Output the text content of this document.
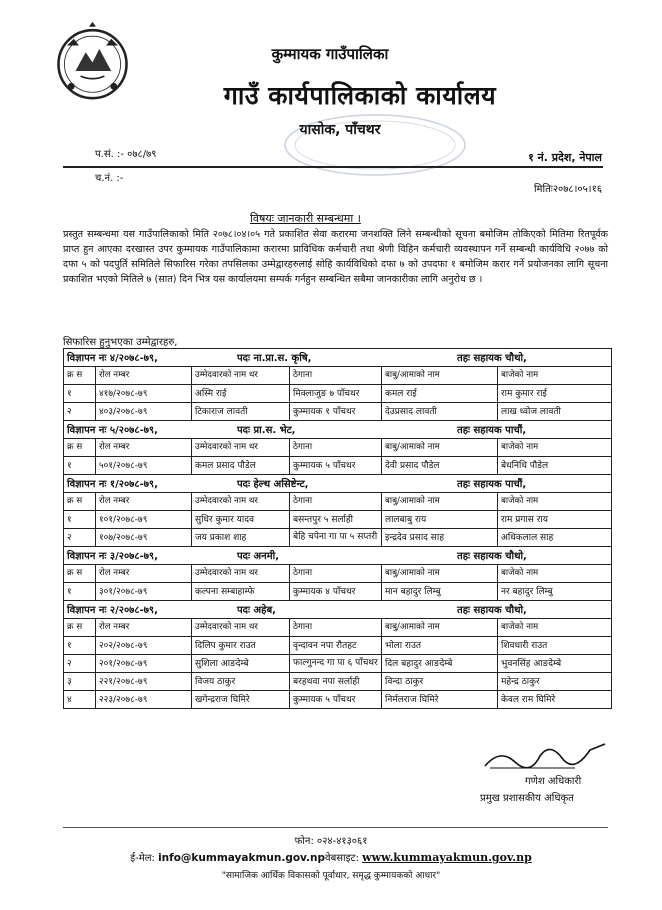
कुम्मायक गाउँपालिका
गाउँ कार्यपालिकाको कार्यालय
यासोक, पाँचथर
प.सं. :- ०७८/७९
च.नं. :-
१ नं. प्रदेश, नेपाल
मितिः२०७८।०५।१६
विषयः जानकारी सम्बन्धमा ।
प्रस्तुत सम्बन्धमा यस गाउँपालिकाको मिति २०७८।०४।०५ गते प्रकाशित सेवा करारमा जनशक्ति लिने सम्बन्धीको सूचना बमोजिम तोकिएको मितिमा रितपूर्वक प्राप्त हुन आएका दरखास्त उपर कुम्मायक गाउँपालिकामा करारमा प्राविधिक कर्मचारी तथा श्रेणी विहिन कर्मचारी व्यवस्थापन गर्ने सम्बन्धी कार्यविधि २०७७ को दफा ५ को पदपुर्ति समितिले सिफारिस गरेका तपसिलका उम्मेद्वारहरुलाई सोहि कार्यविधिको दफा ७ को उपदफा १ बमोजिम करार गर्ने प्रयोजनका लागि सूचना प्रकाशित भएको मितिले ७ (सात) दिन भित्र यस कार्यालयमा सम्पर्क गर्नहुन सम्बन्धित सबैमा जानकारीका लागि अनुरोध छ ।
सिफारिस हुनुभएका उम्मेद्वारहरु,
विज्ञापन नः ४/२०७८-७९, पदः ना.प्रा.स. कृषि, तहः सहायक चौथो,					
क्र स	रोल नम्बर	उम्मेदवारको नाम थर	ठेगाना	बाबु/आमाको नाम	बाजेको नाम
१	४१७/२०७८-७९	अस्मि राई	मिक्लाजुङ ७ पाँचथर	कमल राई	राम कुमार राई
२	४०३/२०७८-७९	टिकाराज लावती	कुम्मायक १ पाँचथर	देउप्रसाद लावती	लाख ध्वोज लावती
विज्ञापन नः ५/२०७८-७९, पदः प्रा.स. भेट, तहः सहायक पाचौं,					
क्र स	रोल नम्बर	उम्मेदवारको नाम थर	ठेगाना	बाबु/आमाको नाम	बाजेको नाम
१	५०१/२०७८-७९	कमल प्रसाद पौडेल	कुम्मायक ५ पाँचथर	देवी प्रसाद पौडेल	बेधनिधि पौडेल
विज्ञापन नः १/२०७८-७९, पदः हेल्थ असिष्टेन्ट, तहः सहायक पाचौं,					
क्र स	रोल नम्बर	उम्मेदवारको नाम थर	ठेगाना	बाबु/आमाको नाम	बाजेको नाम
१	१०१/२०७८-७९	सुधिर कुमार यादव	बसन्तपुर ५ सर्लाही	लालबाबु राय	राम प्रगास राय
२	१०७/२०७८-७९	जय प्रकाश शाह	बेहि चपेना गा पा ५ सप्तरी	इन्द्रदेव प्रसाद साह	अधिकलाल साह
विज्ञापन नः ३/२०७८-७९, पदः अनमी, तहः सहायक चौथो,					
क्र स	रोल नम्बर	उम्मेदवारको नाम थर	ठेगाना	बाबु/आमाको नाम	बाजेको नाम
१	३०१/२०७८-७९	कल्पना सम्बाहाम्फे	कुम्मायक ४ पाँचथर	मान बहादुर लिम्बु	नर बहादुर लिम्बु
विज्ञापन नः २/२०७८-७९, पदः अहेब, तहः सहायक चौथो,					
क्र स	रोल नम्बर	उम्मेदवारको नाम थर	ठेगाना	बाबु/आमाको नाम	बाजेको नाम
१	२०२/२०७८-७९	दिलिप कुमार राउत	वृन्दावन नपा रौतहट	भोला राउत	शिवधारी राउत
२	२०१/२०७८-७९	सुशिला आङदेम्बे	फाल्गुनन्द गा पा ६ पाँचथर	दिल बहादुर आङदेम्बे	भुवनसिंह आङदेम्बे
३	२२१/२०७८-७९	विजय ठाकुर	बरहथवा नपा सर्लाही	विन्दा ठाकुर	महेन्द्र ठाकुर
४	२२३/२०७८-७९	खगेन्द्रराज घिमिरे	कुम्मायक ५ पाँचथर	निर्मलराज घिमिरे	केवल राम घिमिरे
गणेश अधिकारी
प्रमुख प्रशासकीय अधिकृत
फोन: ०२४-४१३०६१
ई-मेल: info@kummayakmun.gov.npवेबसाइट: www.kummayakmun.gov.np
"सामाजिक आर्थिक विकासको पूर्वाधार, समृद्ध कुम्मायकको आधार"
